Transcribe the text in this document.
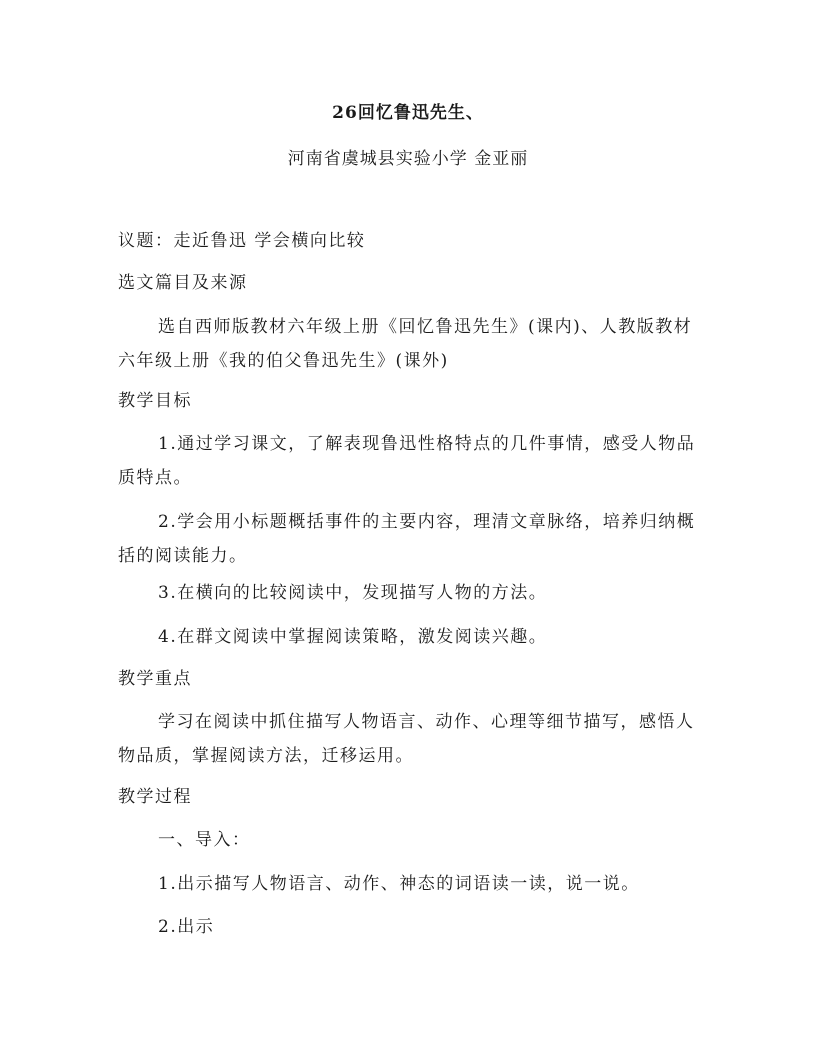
26回忆鲁迅先生、
河南省虞城县实验小学 金亚丽
议题：走近鲁迅 学会横向比较
选文篇目及来源
选自西师版教材六年级上册《回忆鲁迅先生》(课内)、人教版教材六年级上册《我的伯父鲁迅先生》(课外)
教学目标
1.通过学习课文，了解表现鲁迅性格特点的几件事情，感受人物品质特点。
2.学会用小标题概括事件的主要内容，理清文章脉络，培养归纳概括的阅读能力。
3.在横向的比较阅读中，发现描写人物的方法。
4.在群文阅读中掌握阅读策略，激发阅读兴趣。
教学重点
学习在阅读中抓住描写人物语言、动作、心理等细节描写，感悟人物品质，掌握阅读方法，迁移运用。
教学过程
一、导入：
1.出示描写人物语言、动作、神态的词语读一读，说一说。
2.出示
